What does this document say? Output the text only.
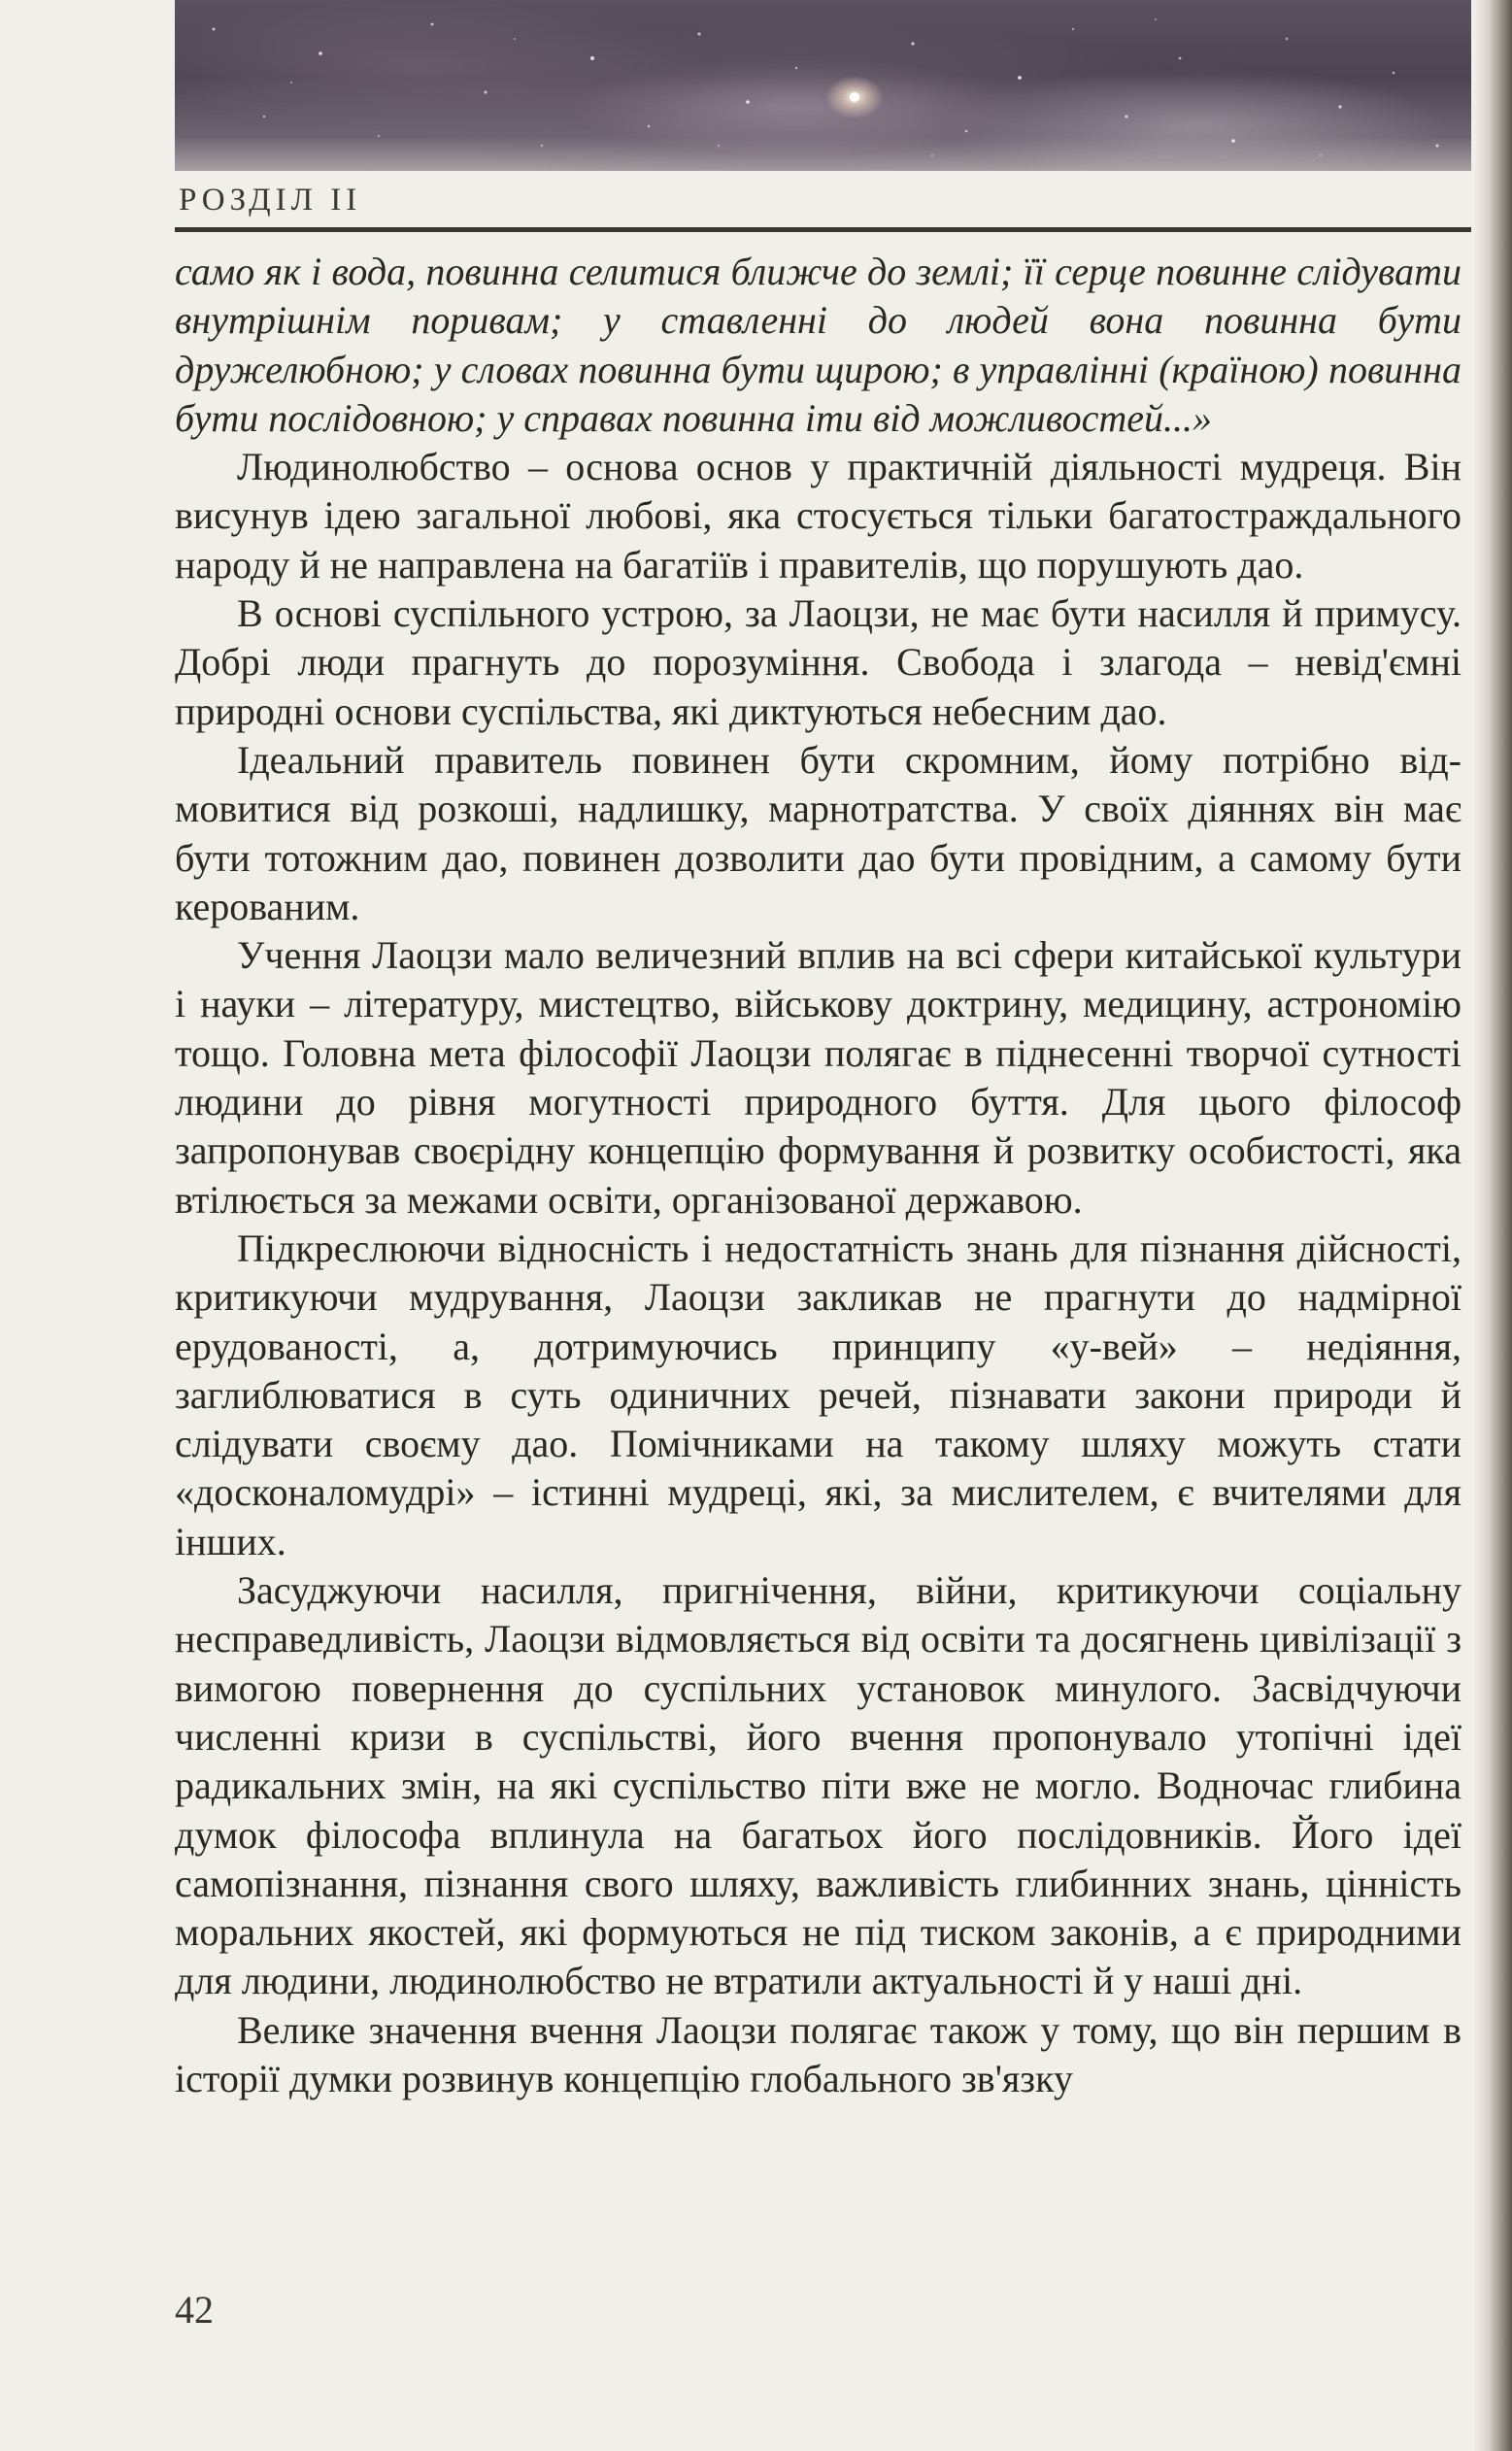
РОЗДІЛ II

само як і вода, повинна селитися ближче до землі; її серце повинне слідувати внутрішнім поривам; у ставленні до людей вона повинна бути дружелюбною; у словах повинна бути щирою; в управлінні (країною) повинна бути послідовною; у справах повинна іти від можливостей...»

Людинолюбство – основа основ у практичній діяльності мудреця. Він висунув ідею загальної любові, яка стосується тільки багатостраждального народу й не направлена на багатіїв і правителів, що порушують дао.

В основі суспільного устрою, за Лаоцзи, не має бути насилля й примусу. Добрі люди прагнуть до порозуміння. Свобода і злагода – невід'ємні природні основи суспільства, які диктуються небесним дао.

Ідеальний правитель повинен бути скромним, йому потрібно відмовитися від розкоші, надлишку, марнотратства. У своїх діяннях він має бути тотожним дао, повинен дозволити дао бути провідним, а самому бути керованим.

Учення Лаоцзи мало величезний вплив на всі сфери китайської культури і науки – літературу, мистецтво, військову доктрину, медицину, астрономію тощо. Головна мета філософії Лаоцзи полягає в піднесенні творчої сутності людини до рівня могутності природного буття. Для цього філософ запропонував своєрідну концепцію формування й розвитку особистості, яка втілюється за межами освіти, організованої державою.

Підкреслюючи відносність і недостатність знань для пізнання дійсності, критикуючи мудрування, Лаоцзи закликав не прагнути до надмірної ерудованості, а, дотримуючись принципу «у-вей» – недіяння, заглиблюватися в суть одиничних речей, пізнавати закони природи й слідувати своєму дао. Помічниками на такому шляху можуть стати «досконаломудрі» – істинні мудреці, які, за мислителем, є вчителями для інших.

Засуджуючи насилля, пригнічення, війни, критикуючи соціальну несправедливість, Лаоцзи відмовляється від освіти та досягнень цивілізації з вимогою повернення до суспільних установок минулого. Засвідчуючи численні кризи в суспільстві, його вчення пропонувало утопічні ідеї радикальних змін, на які суспільство піти вже не могло. Водночас глибина думок філософа вплинула на багатьох його послідовників. Його ідеї самопізнання, пізнання свого шляху, важливість глибинних знань, цінність моральних якостей, які формуються не під тиском законів, а є природними для людини, людинолюбство не втратили актуальності й у наші дні.

Велике значення вчення Лаоцзи полягає також у тому, що він першим в історії думки розвинув концепцію глобального зв'язку

42
